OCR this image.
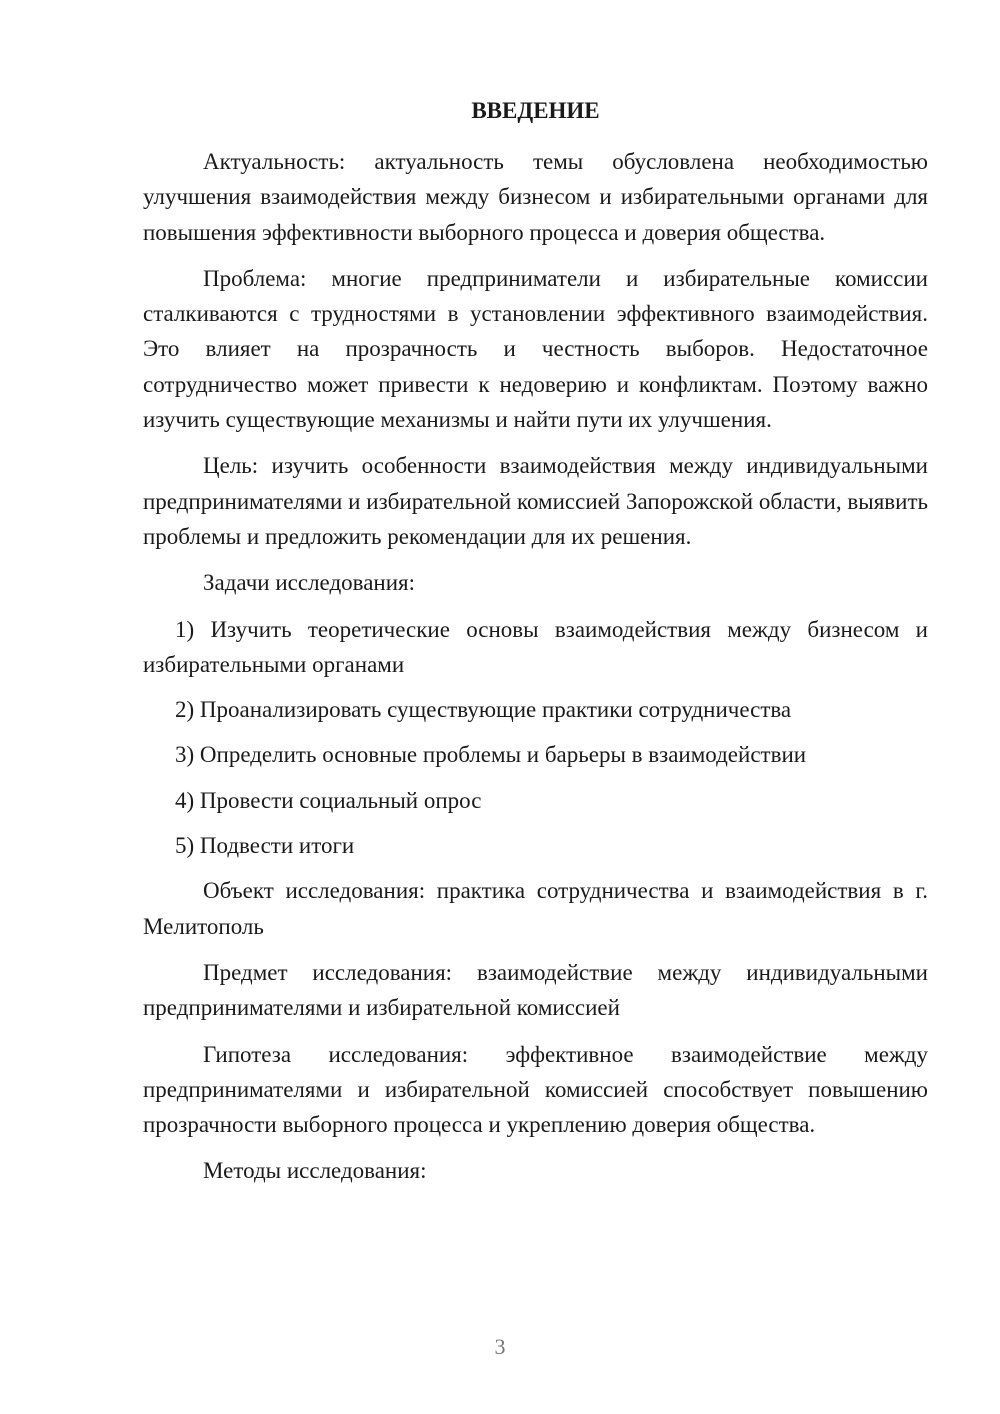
ВВЕДЕНИЕ

Актуальность: актуальность темы обусловлена необходимостью улучшения взаимодействия между бизнесом и избирательными органами для повышения эффективности выборного процесса и доверия общества.

Проблема: многие предприниматели и избирательные комиссии сталкиваются с трудностями в установлении эффективного взаимодействия. Это влияет на прозрачность и честность выборов. Недостаточное сотрудничество может привести к недоверию и конфликтам. Поэтому важно изучить существующие механизмы и найти пути их улучшения.

Цель: изучить особенности взаимодействия между индивидуальными предпринимателями и избирательной комиссией Запорожской области, выявить проблемы и предложить рекомендации для их решения.

Задачи исследования:

1) Изучить теоретические основы взаимодействия между бизнесом и избирательными органами

2) Проанализировать существующие практики сотрудничества

3) Определить основные проблемы и барьеры в взаимодействии

4) Провести социальный опрос

5) Подвести итоги

Объект исследования: практика сотрудничества и взаимодействия в г. Мелитополь

Предмет исследования: взаимодействие между индивидуальными предпринимателями и избирательной комиссией

Гипотеза исследования: эффективное взаимодействие между предпринимателями и избирательной комиссией способствует повышению прозрачности выборного процесса и укреплению доверия общества.

Методы исследования:

3
